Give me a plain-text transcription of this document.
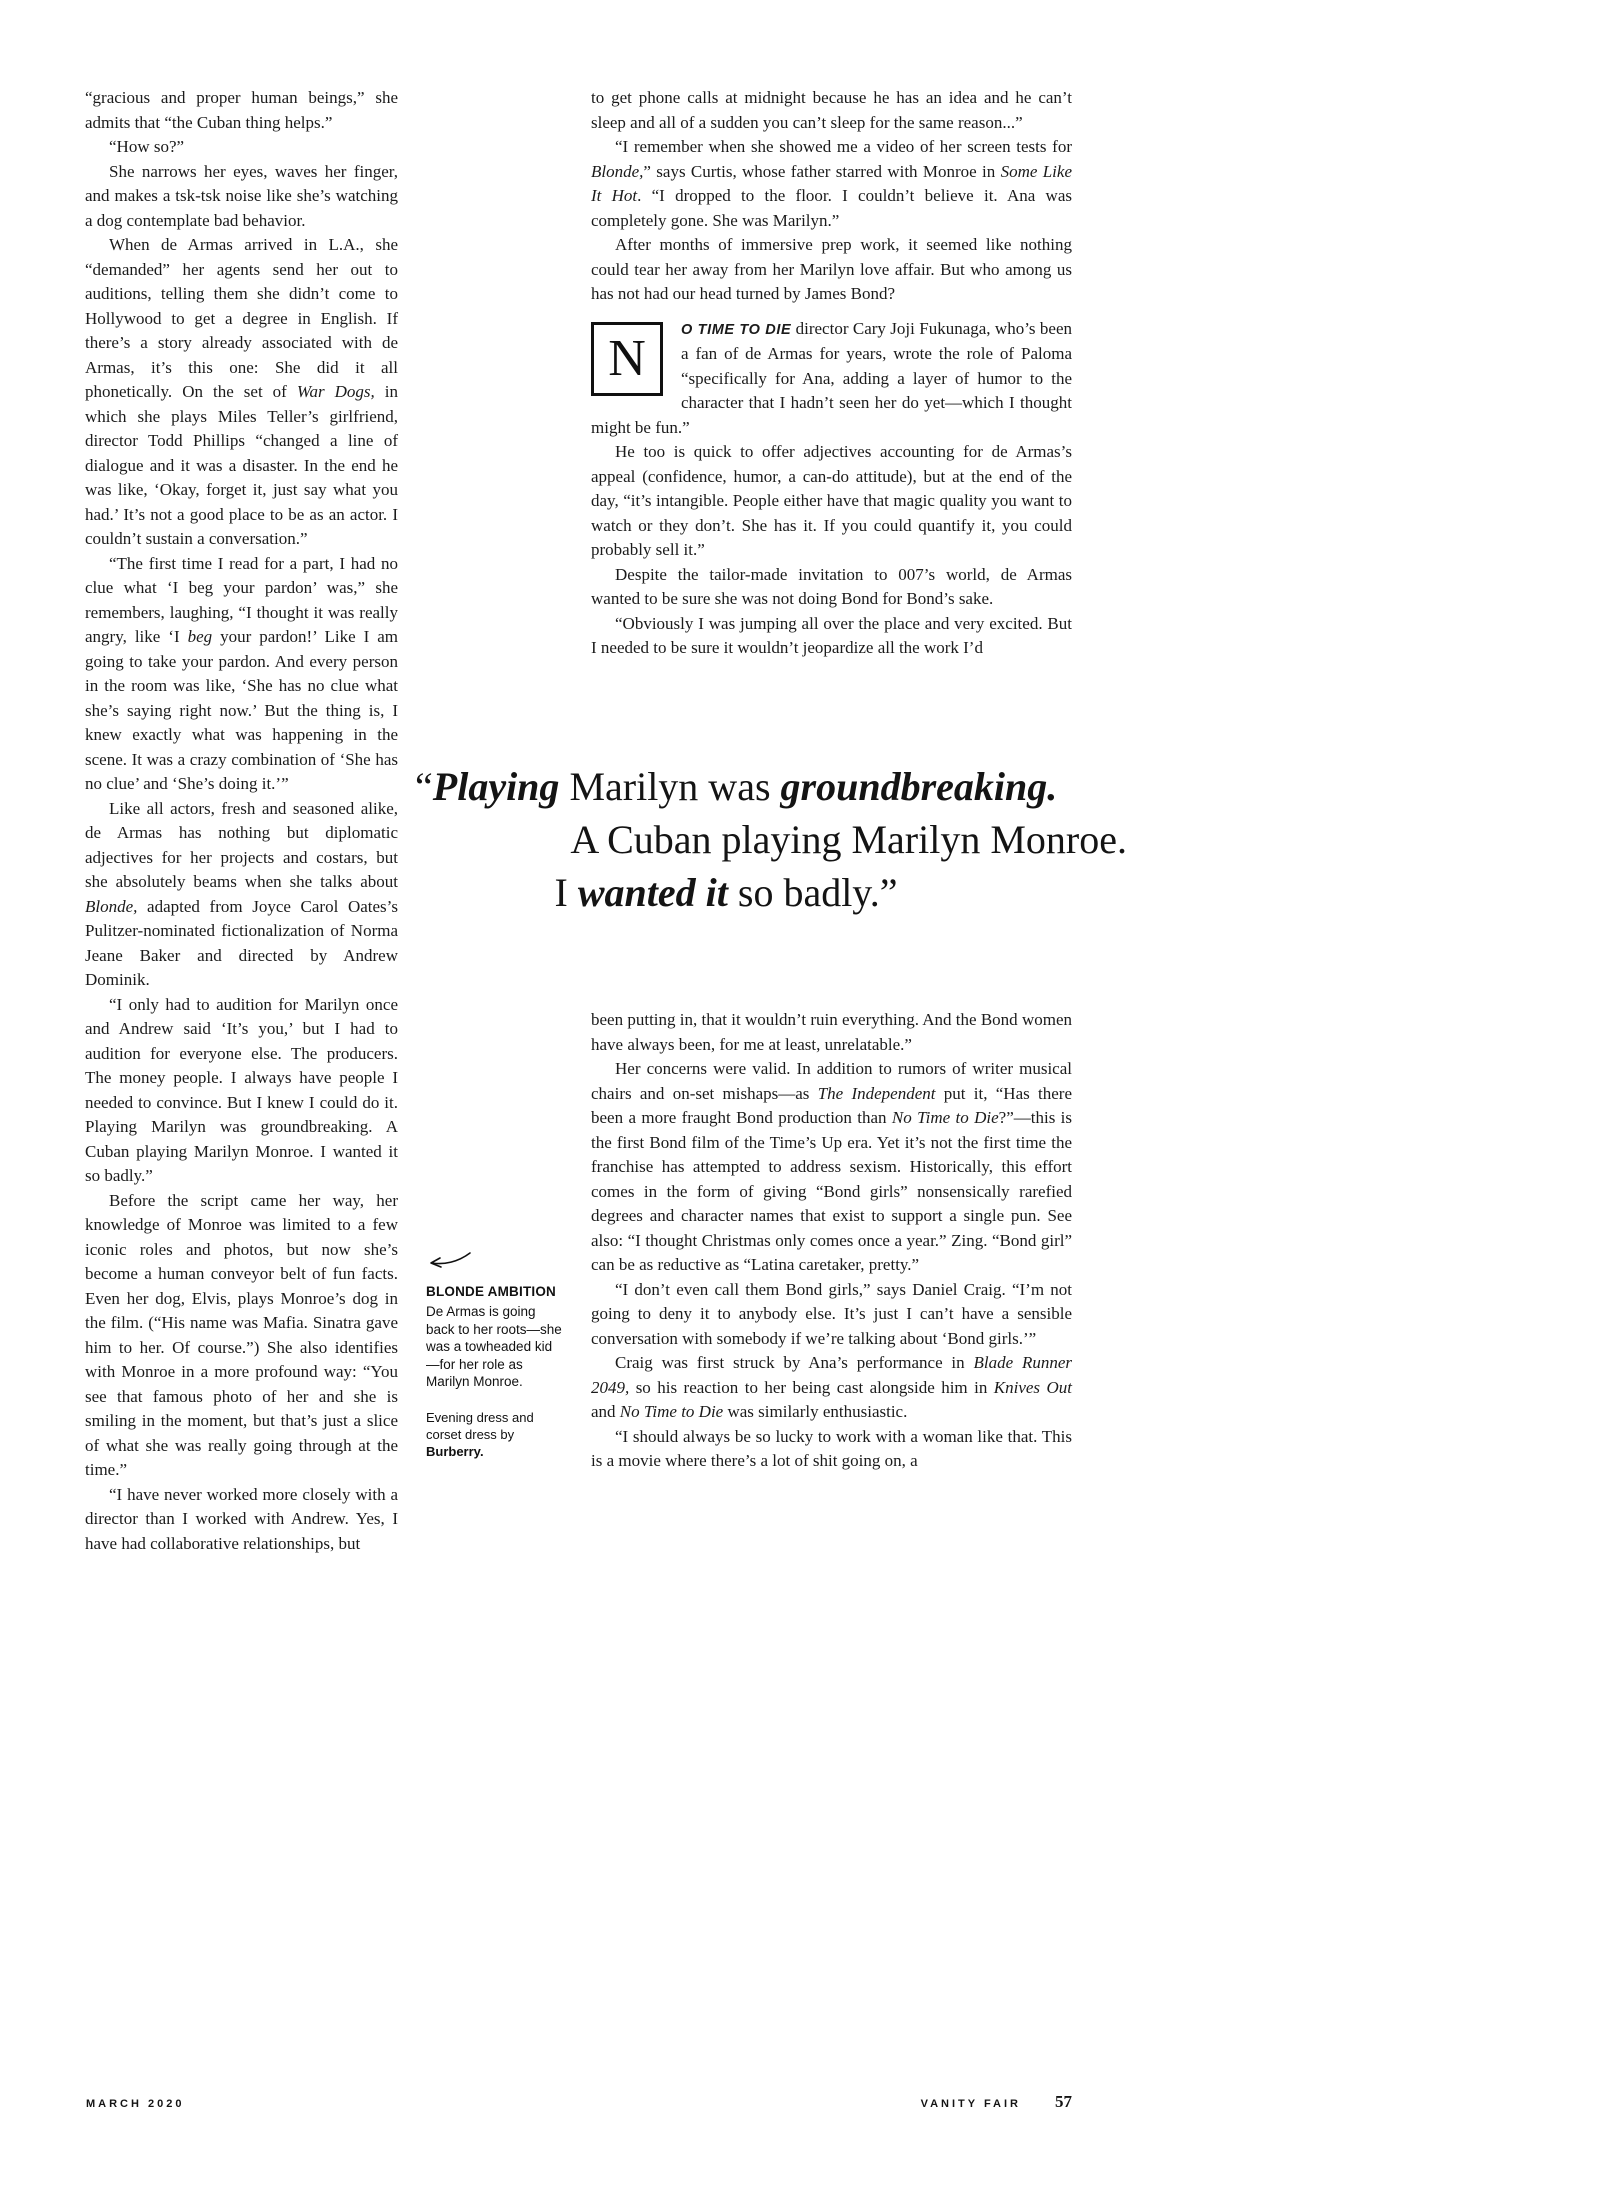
“gracious and proper human beings,” she admits that “the Cuban thing helps.”

“How so?”

She narrows her eyes, waves her finger, and makes a tsk-tsk noise like she’s watching a dog contemplate bad behavior.

When de Armas arrived in L.A., she “demanded” her agents send her out to auditions, telling them she didn’t come to Hollywood to get a degree in English. If there’s a story already associated with de Armas, it’s this one: She did it all phonetically. On the set of War Dogs, in which she plays Miles Teller’s girlfriend, director Todd Phillips “changed a line of dialogue and it was a disaster. In the end he was like, ‘Okay, forget it, just say what you had.’ It’s not a good place to be as an actor. I couldn’t sustain a conversation.”

“The first time I read for a part, I had no clue what ‘I beg your pardon’ was,” she remembers, laughing, “I thought it was really angry, like ‘I beg your pardon!’ Like I am going to take your pardon. And every person in the room was like, ‘She has no clue what she’s saying right now.’ But the thing is, I knew exactly what was happening in the scene. It was a crazy combination of ‘She has no clue’ and ‘She’s doing it.’”

Like all actors, fresh and seasoned alike, de Armas has nothing but diplomatic adjectives for her projects and costars, but she absolutely beams when she talks about Blonde, adapted from Joyce Carol Oates’s Pulitzer-nominated fictionalization of Norma Jeane Baker and directed by Andrew Dominik.

“I only had to audition for Marilyn once and Andrew said ‘It’s you,’ but I had to audition for everyone else. The producers. The money people. I always have people I needed to convince. But I knew I could do it. Playing Marilyn was groundbreaking. A Cuban playing Marilyn Monroe. I wanted it so badly.”

Before the script came her way, her knowledge of Monroe was limited to a few iconic roles and photos, but now she’s become a human conveyor belt of fun facts. Even her dog, Elvis, plays Monroe’s dog in the film. (“His name was Mafia. Sinatra gave him to her. Of course.”) She also identifies with Monroe in a more profound way: “You see that famous photo of her and she is smiling in the moment, but that’s just a slice of what she was really going through at the time.”

“I have never worked more closely with a director than I worked with Andrew. Yes, I have had collaborative relationships, but

to get phone calls at midnight because he has an idea and he can’t sleep and all of a sudden you can’t sleep for the same reason...”

“I remember when she showed me a video of her screen tests for Blonde,” says Curtis, whose father starred with Monroe in Some Like It Hot. “I dropped to the floor. I couldn’t believe it. Ana was completely gone. She was Marilyn.”

After months of immersive prep work, it seemed like nothing could tear her away from her Marilyn love affair. But who among us has not had our head turned by James Bond?

N O TIME TO DIE director Cary Joji Fukunaga, who’s been a fan of de Armas for years, wrote the role of Paloma “specifically for Ana, adding a layer of humor to the character that I hadn’t seen her do yet—which I thought might be fun.”

He too is quick to offer adjectives accounting for de Armas’s appeal (confidence, humor, a can-do attitude), but at the end of the day, “it’s intangible. People either have that magic quality you want to watch or they don’t. She has it. If you could quantify it, you could probably sell it.”

Despite the tailor-made invitation to 007’s world, de Armas wanted to be sure she was not doing Bond for Bond’s sake.

“Obviously I was jumping all over the place and very excited. But I needed to be sure it wouldn’t jeopardize all the work I’d

“Playing Marilyn was groundbreaking.
A Cuban playing Marilyn Monroe.
I wanted it so badly.”

been putting in, that it wouldn’t ruin everything. And the Bond women have always been, for me at least, unrelatable.”

Her concerns were valid. In addition to rumors of writer musical chairs and on-set mishaps—as The Independent put it, “Has there been a more fraught Bond production than No Time to Die?”—this is the first Bond film of the Time’s Up era. Yet it’s not the first time the franchise has attempted to address sexism. Historically, this effort comes in the form of giving “Bond girls” nonsensically rarefied degrees and character names that exist to support a single pun. See also: “I thought Christmas only comes once a year.” Zing. “Bond girl” can be as reductive as “Latina caretaker, pretty.”

“I don’t even call them Bond girls,” says Daniel Craig. “I’m not going to deny it to anybody else. It’s just I can’t have a sensible conversation with somebody if we’re talking about ‘Bond girls.’”

Craig was first struck by Ana’s performance in Blade Runner 2049, so his reaction to her being cast alongside him in Knives Out and No Time to Die was similarly enthusiastic.

“I should always be so lucky to work with a woman like that. This is a movie where there’s a lot of shit going on, a

BLONDE AMBITION
De Armas is going back to her roots—she was a towheaded kid—for her role as Marilyn Monroe.
Evening dress and corset dress by Burberry.
MARCH 2020	VANITY FAIR 57
